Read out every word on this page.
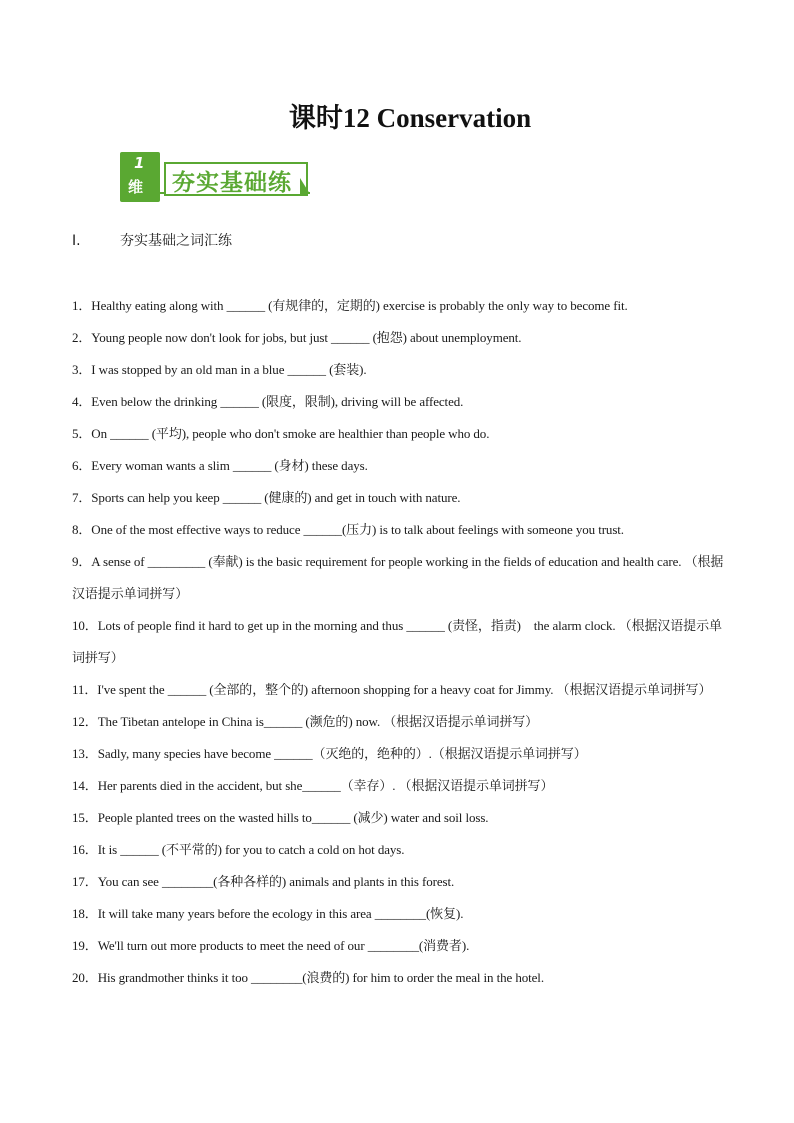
课时12 Conservation
1
维 夯实基础练
I.	夯实基础之词汇练

1．Healthy eating along with ______ (有规律的，定期的) exercise is probably the only way to become fit.

2．Young people now don't look for jobs, but just ______ (抱怨) about unemployment.

3．I was stopped by an old man in a blue ______ (套装).

4．Even below the drinking ______ (限度，限制), driving will be affected.

5．On ______ (平均), people who don't smoke are healthier than people who do.

6．Every woman wants a slim ______ (身材) these days.

7．Sports can help you keep ______ (健康的) and get in touch with nature.

8．One of the most effective ways to reduce ______(压力) is to talk about feelings with someone you trust.

9．A sense of _________ (奉献) is the basic requirement for people working in the fields of education and health care. （根据汉语提示单词拼写）

10．Lots of people find it hard to get up in the morning and thus ______ (责怪，指责)　the alarm clock. （根据汉语提示单词拼写）

11．I've spent the ______ (全部的，整个的) afternoon shopping for a heavy coat for Jimmy. （根据汉语提示单词拼写）

12．The Tibetan antelope in China is______ (濒危的) now. （根据汉语提示单词拼写）

13．Sadly, many species have become ______（灭绝的，绝种的）.（根据汉语提示单词拼写）

14．Her parents died in the accident, but she______（幸存）. （根据汉语提示单词拼写）

15．People planted trees on the wasted hills to______ (减少) water and soil loss.

16．It is ______ (不平常的) for you to catch a cold on hot days.

17．You can see ________(各种各样的) animals and plants in this forest.

18．It will take many years before the ecology in this area ________(恢复).

19．We'll turn out more products to meet the need of our ________(消费者).

20．His grandmother thinks it too ________(浪费的) for him to order the meal in the hotel.
